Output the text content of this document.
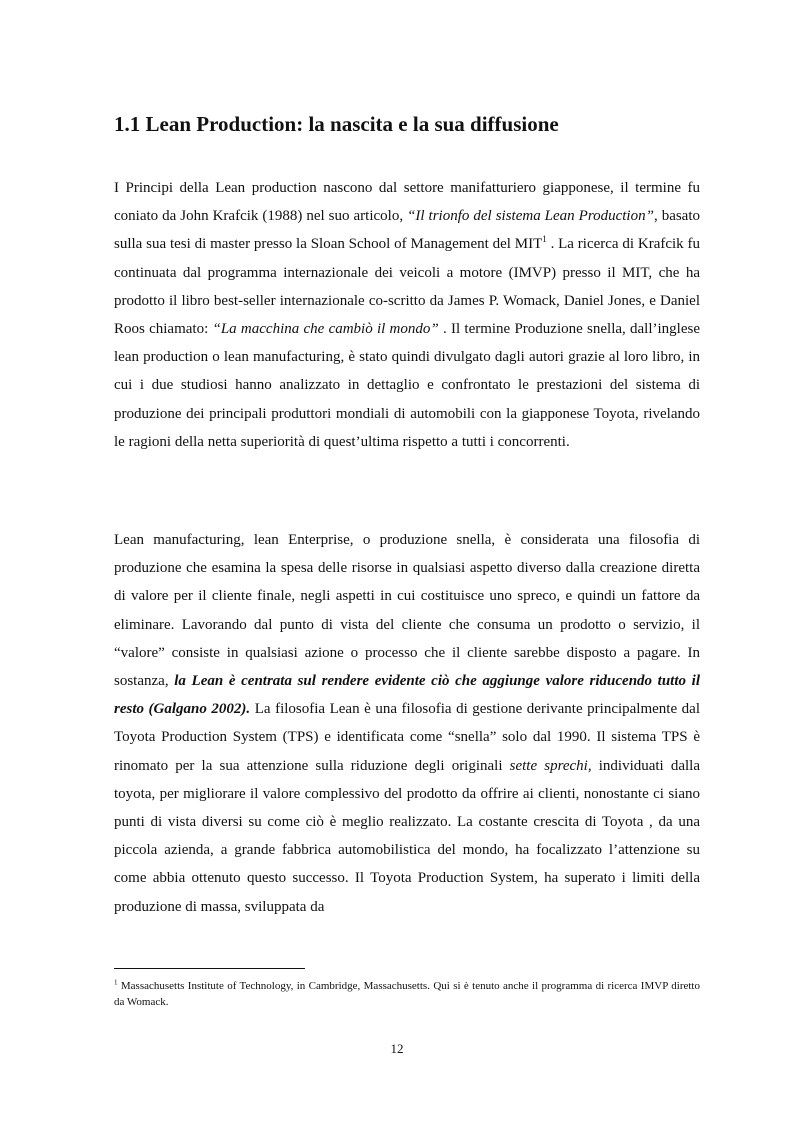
1.1 Lean Production: la nascita e la sua diffusione

I Principi della Lean production nascono dal settore manifatturiero giapponese, il termine fu coniato da John Krafcik (1988) nel suo articolo, “Il trionfo del sistema Lean Production”, basato sulla sua tesi di master presso la Sloan School of Management del MIT$^1$ . La ricerca di Krafcik fu continuata dal programma internazionale dei veicoli a motore (IMVP) presso il MIT, che ha prodotto il libro best-seller internazionale co-scritto da James P. Womack, Daniel Jones, e Daniel Roos chiamato: “La macchina che cambiò il mondo” . Il termine Produzione snella, dall’inglese lean production o lean manufacturing, è stato quindi divulgato dagli autori grazie al loro libro, in cui i due studiosi hanno analizzato in dettaglio e confrontato le prestazioni del sistema di produzione dei principali produttori mondiali di automobili con la giapponese Toyota, rivelando le ragioni della netta superiorità di quest’ultima rispetto a tutti i concorrenti.

Lean manufacturing, lean Enterprise, o produzione snella, è considerata una filosofia di produzione che esamina la spesa delle risorse in qualsiasi aspetto diverso dalla creazione diretta di valore per il cliente finale, negli aspetti in cui costituisce uno spreco, e quindi un fattore da eliminare. Lavorando dal punto di vista del cliente che consuma un prodotto o servizio, il “valore” consiste in qualsiasi azione o processo che il cliente sarebbe disposto a pagare. In sostanza, la Lean è centrata sul rendere evidente ciò che aggiunge valore riducendo tutto il resto (Galgano 2002). La filosofia Lean è una filosofia di gestione derivante principalmente dal Toyota Production System (TPS) e identificata come “snella” solo dal 1990. Il sistema TPS è rinomato per la sua attenzione sulla riduzione degli originali sette sprechi, individuati dalla toyota, per migliorare il valore complessivo del prodotto da offrire ai clienti, nonostante ci siano punti di vista diversi su come ciò è meglio realizzato. La costante crescita di Toyota , da una piccola azienda, a grande fabbrica automobilistica del mondo, ha focalizzato l’attenzione su come abbia ottenuto questo successo. Il Toyota Production System, ha superato i limiti della produzione di massa, sviluppata da

$^1$ Massachusetts Institute of Technology, in Cambridge, Massachusetts. Qui si è tenuto anche il programma di ricerca IMVP diretto da Womack.

12
